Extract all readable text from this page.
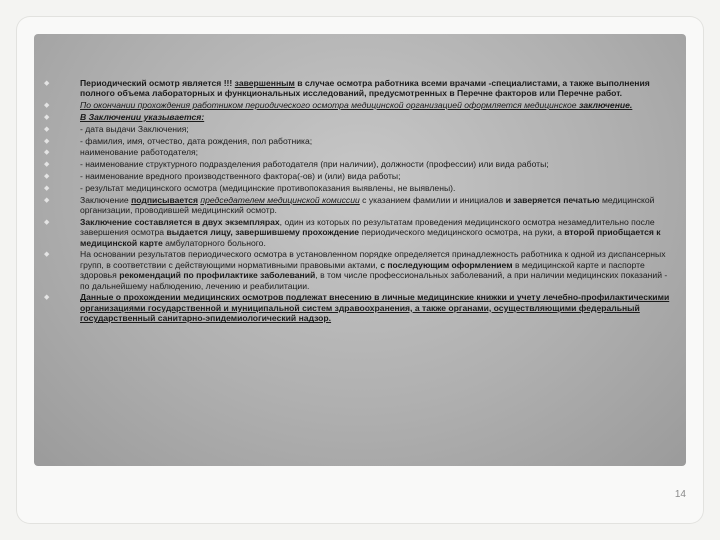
◆	Периодический осмотр является !!! завершенным в случае осмотра работника всеми врачами -специалистами, а также выполнения полного объема лабораторных и функциональных исследований, предусмотренных в Перечне факторов или Перечне работ.
◆	По окончании прохождения работником периодического осмотра медицинской организацией оформляется медицинское заключение.
◆	В Заключении указывается:
◆	- дата выдачи Заключения;
◆	- фамилия, имя, отчество, дата рождения, пол работника;
◆	наименование работодателя;
◆	- наименование структурного подразделения работодателя (при наличии), должности (профессии) или вида работы;
◆	- наименование вредного производственного фактора(-ов) и (или) вида работы;
◆	- результат медицинского осмотра (медицинские противопоказания выявлены, не выявлены).
◆	Заключение подписывается председателем медицинской комиссии с указанием фамилии и инициалов и заверяется печатью медицинской организации, проводившей медицинский осмотр.
◆	Заключение составляется в двух экземплярах, один из которых по результатам проведения медицинского осмотра незамедлительно после завершения осмотра выдается лицу, завершившему прохождение периодического медицинского осмотра, на руки, а второй приобщается к медицинской карте амбулаторного больного.
◆	На основании результатов периодического осмотра в установленном порядке определяется принадлежность работника к одной из диспансерных групп, в соответствии с действующими нормативными правовыми актами, с последующим оформлением в медицинской карте и паспорте здоровья рекомендаций по профилактике заболеваний, в том числе профессиональных заболеваний, а при наличии медицинских показаний - по дальнейшему наблюдению, лечению и реабилитации.
◆	Данные о прохождении медицинских осмотров подлежат внесению в личные медицинские книжки и учету лечебно-профилактическими организациями государственной и муниципальной систем здравоохранения, а также органами, осуществляющими федеральный государственный санитарно-эпидемиологический надзор.
14
